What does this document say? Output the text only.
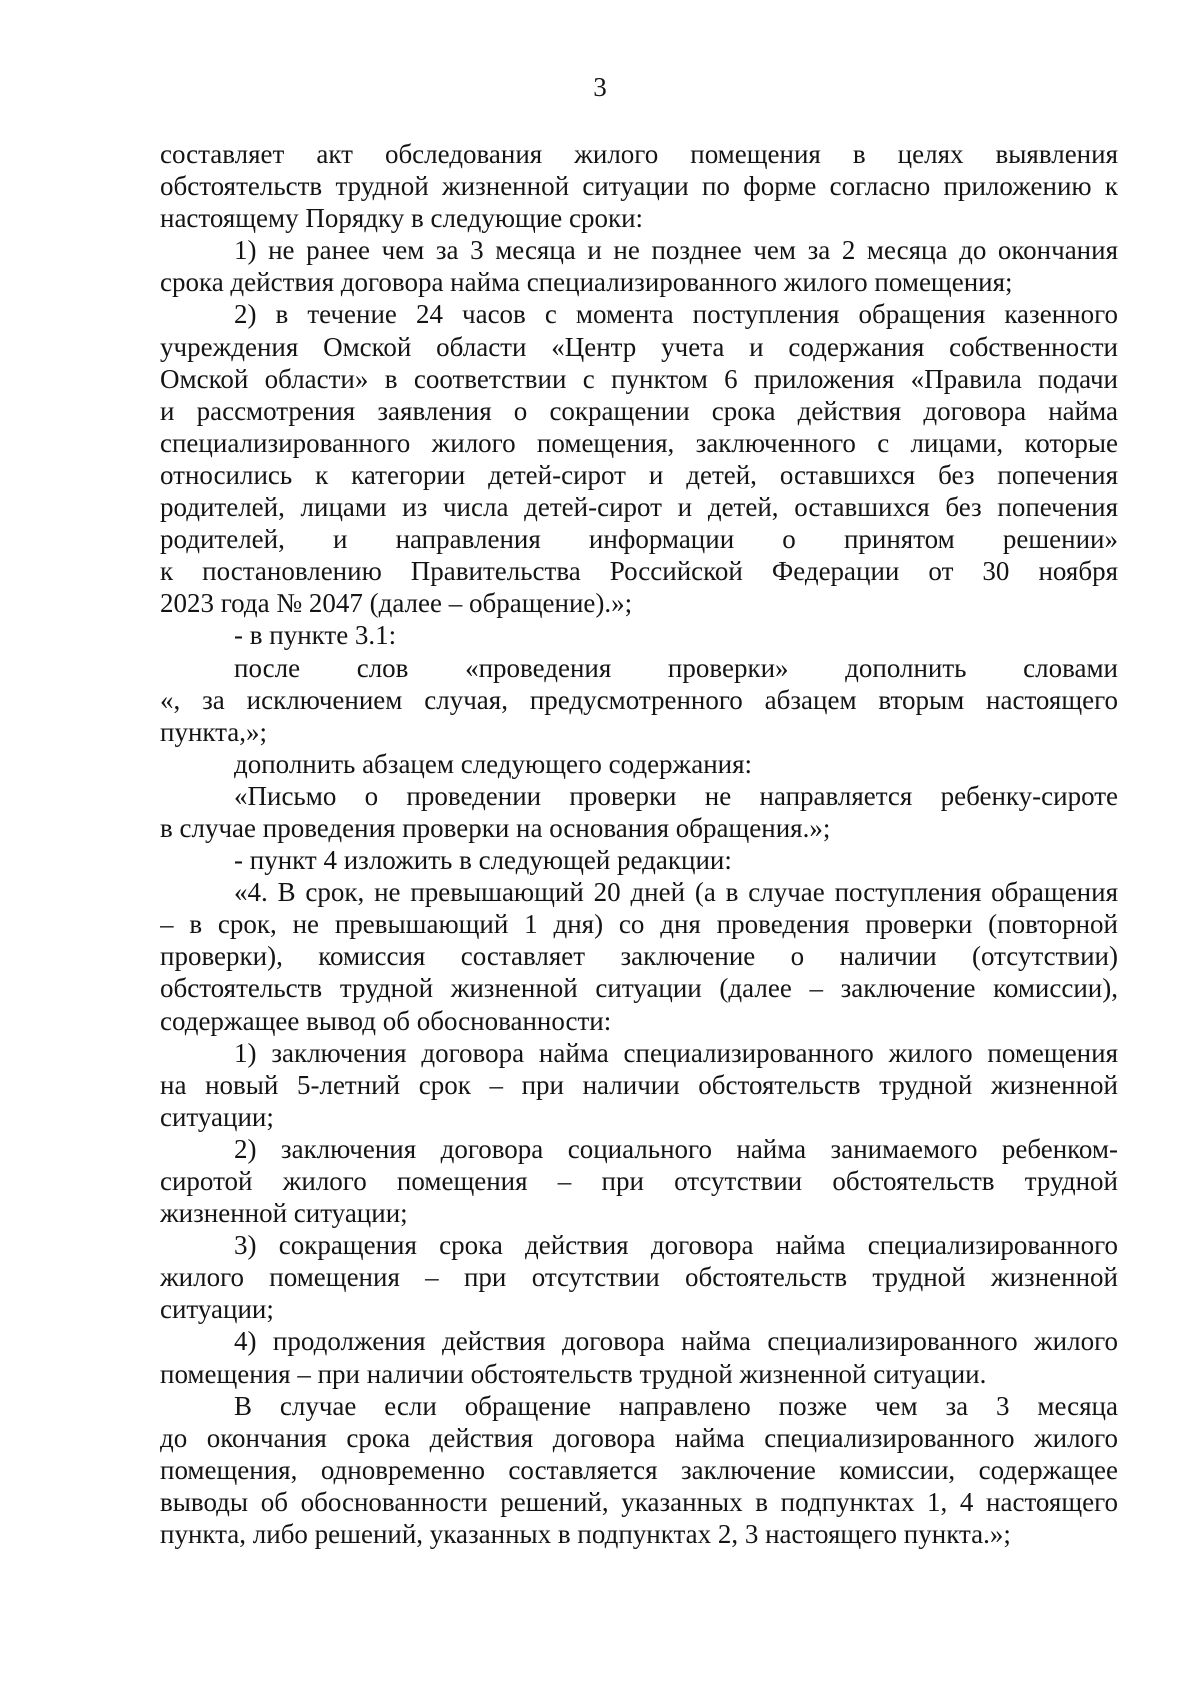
3
составляет акт обследования жилого помещения в целях выявления
обстоятельств трудной жизненной ситуации по форме согласно приложению к
настоящему Порядку в следующие сроки:
1) не ранее чем за 3 месяца и не позднее чем за 2 месяца до окончания
срока действия договора найма специализированного жилого помещения;
2) в течение 24 часов с момента поступления обращения казенного
учреждения Омской области «Центр учета и содержания собственности
Омской области» в соответствии с пунктом 6 приложения «Правила подачи
и рассмотрения заявления о сокращении срока действия договора найма
специализированного жилого помещения, заключенного с лицами, которые
относились к категории детей-сирот и детей, оставшихся без попечения
родителей, лицами из числа детей-сирот и детей, оставшихся без попечения
родителей, и направления информации о принятом решении»
к постановлению Правительства Российской Федерации от 30 ноября
2023 года № 2047 (далее – обращение).»;
- в пункте 3.1:
после слов «проведения проверки» дополнить словами
«, за исключением случая, предусмотренного абзацем вторым настоящего
пункта,»;
дополнить абзацем следующего содержания:
«Письмо о проведении проверки не направляется ребенку-сироте
в случае проведения проверки на основания обращения.»;
- пункт 4 изложить в следующей редакции:
«4. В срок, не превышающий 20 дней (а в случае поступления обращения
– в срок, не превышающий 1 дня) со дня проведения проверки (повторной
проверки), комиссия составляет заключение о наличии (отсутствии)
обстоятельств трудной жизненной ситуации (далее – заключение комиссии),
содержащее вывод об обоснованности:
1) заключения договора найма специализированного жилого помещения
на новый 5-летний срок – при наличии обстоятельств трудной жизненной
ситуации;
2) заключения договора социального найма занимаемого ребенком-
сиротой жилого помещения – при отсутствии обстоятельств трудной
жизненной ситуации;
3) сокращения срока действия договора найма специализированного
жилого помещения – при отсутствии обстоятельств трудной жизненной
ситуации;
4) продолжения действия договора найма специализированного жилого
помещения – при наличии обстоятельств трудной жизненной ситуации.
В случае если обращение направлено позже чем за 3 месяца
до окончания срока действия договора найма специализированного жилого
помещения, одновременно составляется заключение комиссии, содержащее
выводы об обоснованности решений, указанных в подпунктах 1, 4 настоящего
пункта, либо решений, указанных в подпунктах 2, 3 настоящего пункта.»;
